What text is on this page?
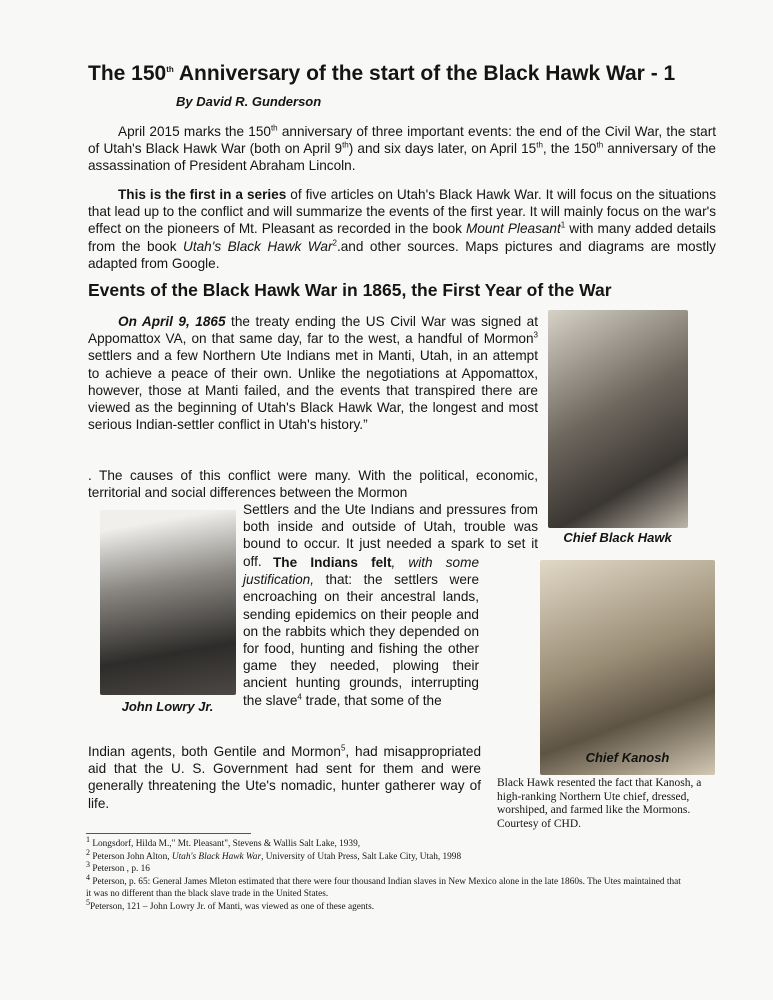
The 150th Anniversary of the start of the Black Hawk War - 1
By David R. Gunderson
April 2015 marks the 150th anniversary of three important events: the end of the Civil War, the start of Utah's Black Hawk War (both on April 9th) and six days later, on April 15th, the 150th anniversary of the assassination of President Abraham Lincoln.
This is the first in a series of five articles on Utah's Black Hawk War. It will focus on the situations that lead up to the conflict and will summarize the events of the first year. It will mainly focus on the war's effect on the pioneers of Mt. Pleasant as recorded in the book Mount Pleasant$^1$ with many added details from the book Utah's Black Hawk War$^2$.and other sources. Maps pictures and diagrams are mostly adapted from Google.
Events of the Black Hawk War in 1865, the First Year of the War
On April 9, 1865 the treaty ending the US Civil War was signed at Appomattox VA, on that same day, far to the west, a handful of Mormon$^3$ settlers and a few Northern Ute Indians met in Manti, Utah, in an attempt to achieve a peace of their own. Unlike the negotiations at Appomattox, however, those at Manti failed, and the events that transpired there are viewed as the beginning of Utah's Black Hawk War, the longest and most serious Indian-settler conflict in Utah's history.”
. The causes of this conflict were many. With the political, economic, territorial and social differences between the Mormon
Settlers and the Ute Indians and pressures from both inside and outside of Utah, trouble was bound to occur. It just needed a spark to set it off. The Indians felt, with some justification, that: the settlers were encroaching on their ancestral lands, sending epidemics on their people and on the rabbits which they depended on for food, hunting and fishing the other game they needed, plowing their ancient hunting grounds, interrupting the slave$^4$ trade, that some of the
Indian agents, both Gentile and Mormon$^5$, had misappropriated aid that the U. S. Government had sent for them and were generally threatening the Ute's nomadic, hunter gatherer way of life.
Chief Black Hawk
John Lowry Jr.
Chief Kanosh
Black Hawk resented the fact that Kanosh, a high-ranking Northern Ute chief, dressed, worshiped, and farmed like the Mormons. Courtesy of CHD.
$^1$ Longsdorf, Hilda M.," Mt. Pleasant", Stevens & Wallis Salt Lake, 1939,
$^2$ Peterson John Alton, Utah's Black Hawk War, University of Utah Press, Salt Lake City, Utah, 1998
$^3$ Peterson , p. 16
$^4$ Peterson, p. 65: General James Mleton estimated that there were four thousand Indian slaves in New Mexico alone in the late 1860s. The Utes maintained that it was no different than the black slave trade in the United States.
$^5$Peterson, 121 – John Lowry Jr. of Manti, was viewed as one of these agents.
